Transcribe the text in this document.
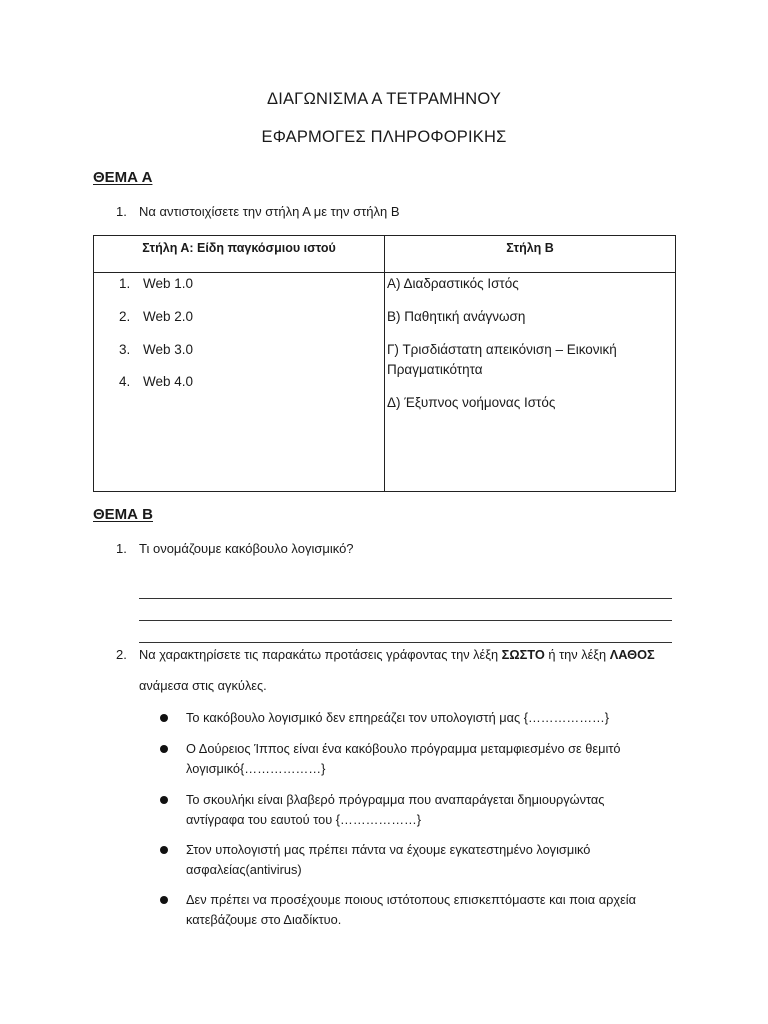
ΔΙΑΓΩΝΙΣΜΑ Α ΤΕΤΡΑΜΗΝΟΥ
ΕΦΑΡΜΟΓΕΣ ΠΛΗΡΟΦΟΡΙΚΗΣ
ΘΕΜΑ Α
1. Να αντιστοιχίσετε την στήλη Α με την στήλη Β
Στήλη Α: Είδη παγκόσμιου ιστού	Στήλη Β
1. Web 1.0
2. Web 2.0
3. Web 3.0
4. Web 4.0
Α) Διαδραστικός Ιστός
Β) Παθητική ανάγνωση
Γ) Τρισδιάστατη απεικόνιση – Εικονική Πραγματικότητα
Δ) Έξυπνος νοήμονας Ιστός
ΘΕΜΑ Β
1. Τι ονομάζουμε κακόβουλο λογισμικό?
2. Να χαρακτηρίσετε τις παρακάτω προτάσεις γράφοντας την λέξη ΣΩΣΤΟ ή την λέξη ΛΑΘΟΣ
ανάμεσα στις αγκύλες.
Το κακόβουλο λογισμικό δεν επηρεάζει τον υπολογιστή μας {………………}
Ο Δούρειος Ίππος είναι ένα κακόβουλο πρόγραμμα μεταμφιεσμένο σε θεμιτό λογισμικό{………………}
Το σκουλήκι είναι βλαβερό πρόγραμμα που αναπαράγεται δημιουργώντας αντίγραφα του εαυτού του {………………}
Στον υπολογιστή μας πρέπει πάντα να έχουμε εγκατεστημένο λογισμικό ασφαλείας(antivirus)
Δεν πρέπει να προσέχουμε ποιους ιστότοπους επισκεπτόμαστε και ποια αρχεία κατεβάζουμε στο Διαδίκτυο.
